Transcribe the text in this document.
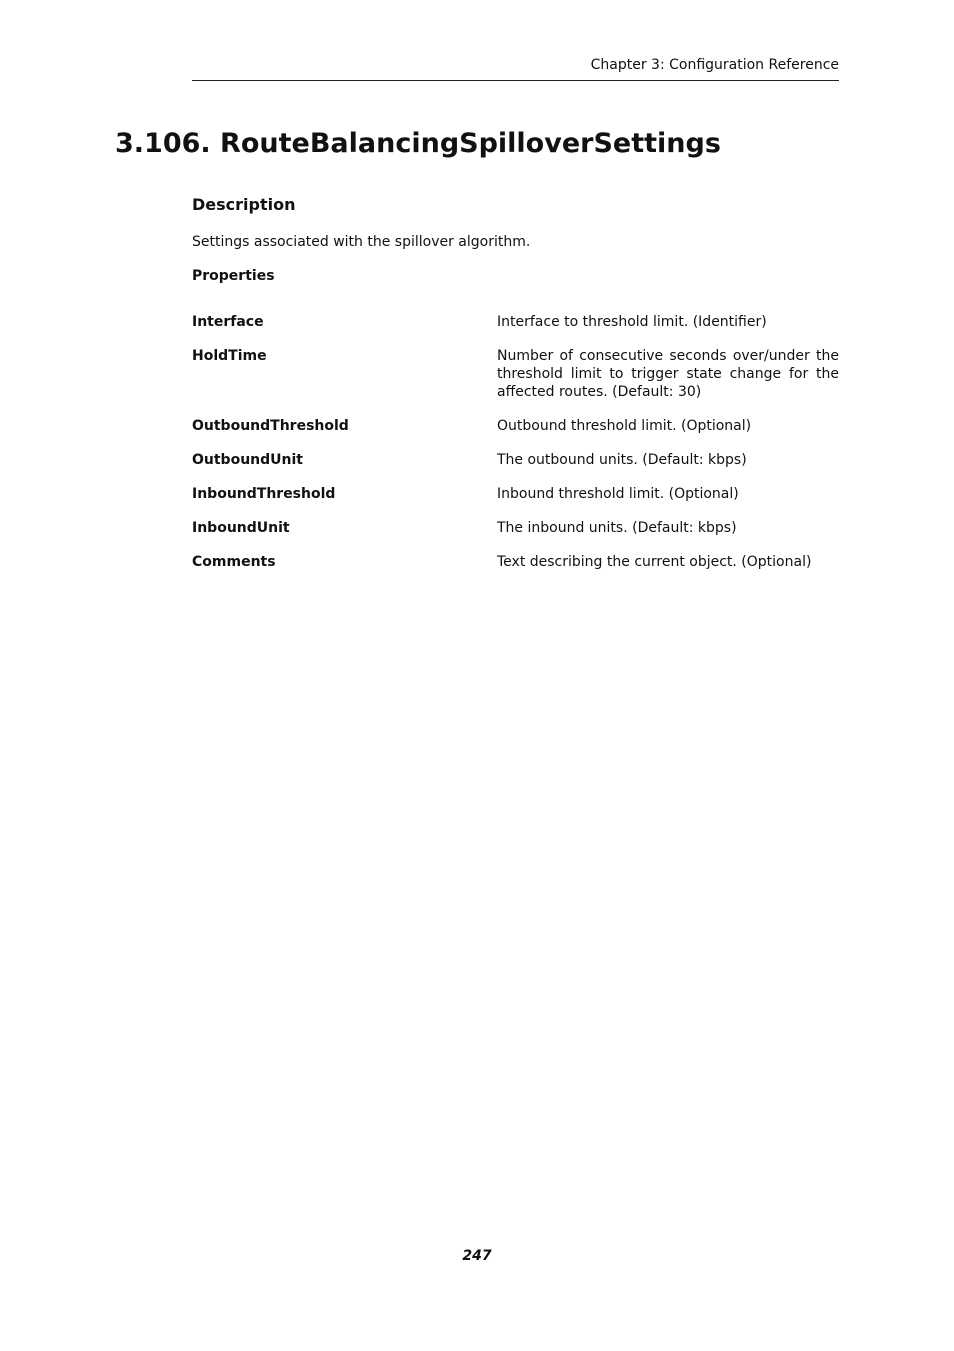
Chapter 3: Configuration Reference
3.106. RouteBalancingSpilloverSettings
Description

Settings associated with the spillover algorithm.

Properties
Interface	Interface to threshold limit. (Identifier)
HoldTime	Number of consecutive seconds over/under the threshold limit to trigger state change for the affected routes. (Default: 30)
OutboundThreshold	Outbound threshold limit. (Optional)
OutboundUnit	The outbound units. (Default: kbps)
InboundThreshold	Inbound threshold limit. (Optional)
InboundUnit	The inbound units. (Default: kbps)
Comments	Text describing the current object. (Optional)
247
